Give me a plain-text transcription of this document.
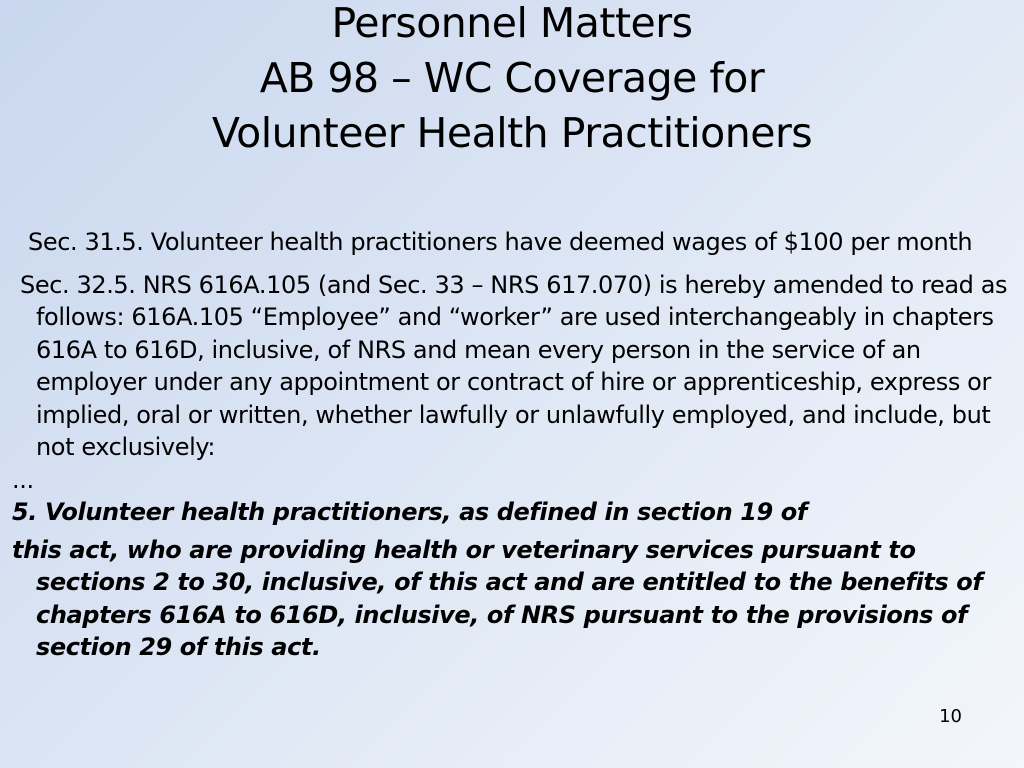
Personnel Matters
AB 98 – WC Coverage for
Volunteer Health Practitioners
Sec. 31.5. Volunteer health practitioners have deemed wages of $100 per month
Sec. 32.5. NRS 616A.105 (and Sec. 33 – NRS 617.070) is hereby amended to read as follows: 616A.105 “Employee” and “worker” are used interchangeably in chapters 616A to 616D, inclusive, of NRS and mean every person in the service of an employer under any appointment or contract of hire or apprenticeship, express or implied, oral or written, whether lawfully or unlawfully employed, and include, but not exclusively:
...
5. Volunteer health practitioners, as defined in section 19 of
this act, who are providing health or veterinary services pursuant to sections 2 to 30, inclusive, of this act and are entitled to the benefits of chapters 616A to 616D, inclusive, of NRS pursuant to the provisions of section 29 of this act.
10
